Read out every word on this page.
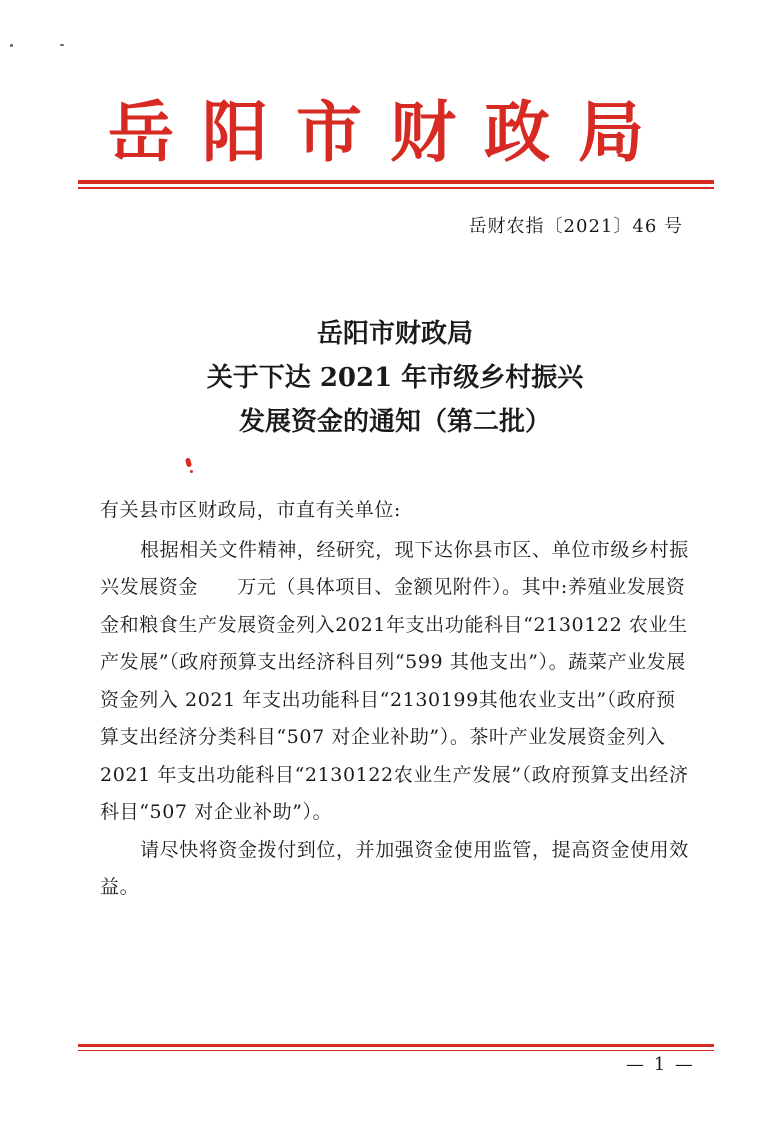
岳阳市财政局
岳财农指〔2021〕46 号
岳阳市财政局
关于下达 2021 年市级乡村振兴
发展资金的通知（第二批）

有关县市区财政局，市直有关单位:

根据相关文件精神，经研究，现下达你县市区、单位市级乡村振兴发展资金　　万元（具体项目、金额见附件）。其中:养殖业发展资金和粮食生产发展资金列入2021年支出功能科目“2130122 农业生产发展”（政府预算支出经济科目列“599 其他支出”）。蔬菜产业发展资金列入 2021 年支出功能科目“2130199其他农业支出”（政府预算支出经济分类科目“507 对企业补助”）。茶叶产业发展资金列入 2021 年支出功能科目“2130122农业生产发展”（政府预算支出经济科目“507 对企业补助”）。

请尽快将资金拨付到位，并加强资金使用监管，提高资金使用效益。

— 1 —
